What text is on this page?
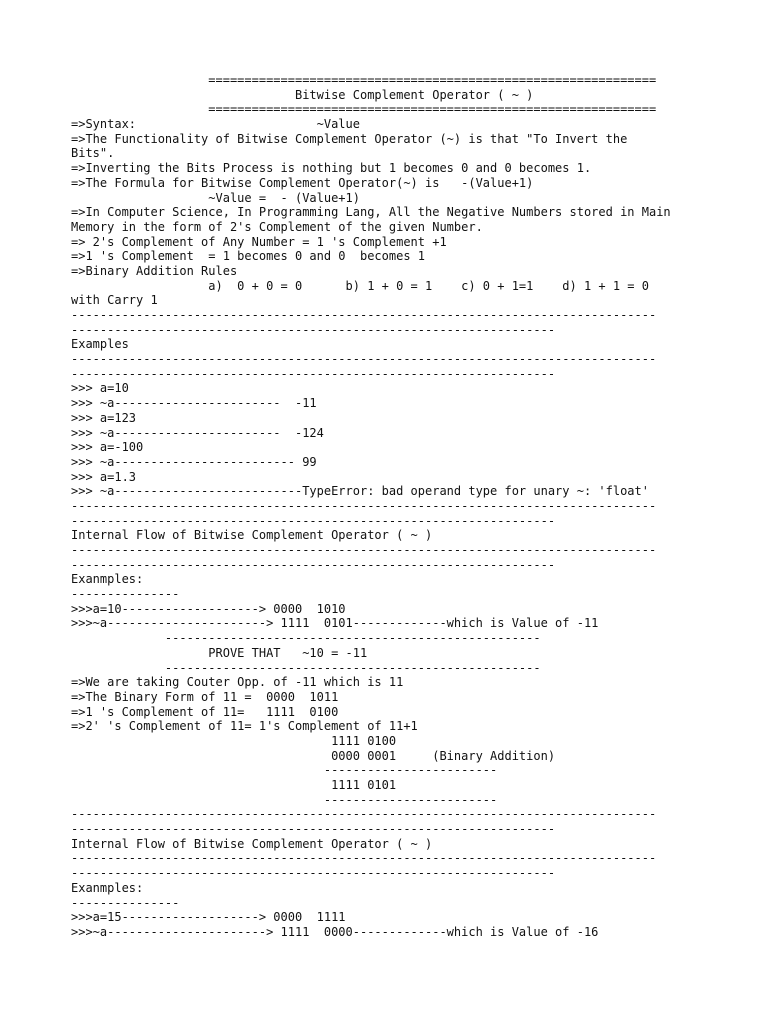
==============================================================
Bitwise Complement Operator ( ~ )
==============================================================
=>Syntax:                         ~Value
=>The Functionality of Bitwise Complement Operator (~) is that "To Invert the
Bits".
=>Inverting the Bits Process is nothing but 1 becomes 0 and 0 becomes 1.
=>The Formula for Bitwise Complement Operator(~) is   -(Value+1)
~Value =  - (Value+1)
=>In Computer Science, In Programming Lang, All the Negative Numbers stored in Main
Memory in the form of 2's Complement of the given Number.
=> 2's Complement of Any Number = 1 's Complement +1
=>1 's Complement  = 1 becomes 0 and 0  becomes 1
=>Binary Addition Rules
a)  0 + 0 = 0      b) 1 + 0 = 1    c) 0 + 1=1    d) 1 + 1 = 0
with Carry 1
---------------------------------------------------------------------------------
-------------------------------------------------------------------
Examples
---------------------------------------------------------------------------------
-------------------------------------------------------------------
>>> a=10
>>> ~a-----------------------  -11
>>> a=123
>>> ~a-----------------------  -124
>>> a=-100
>>> ~a------------------------- 99
>>> a=1.3
>>> ~a--------------------------TypeError: bad operand type for unary ~: 'float'
---------------------------------------------------------------------------------
-------------------------------------------------------------------
Internal Flow of Bitwise Complement Operator ( ~ )
---------------------------------------------------------------------------------
-------------------------------------------------------------------
Exanmples:
---------------
>>>a=10-------------------> 0000  1010
>>>~a----------------------> 1111  0101-------------which is Value of -11
----------------------------------------------------
PROVE THAT   ~10 = -11
----------------------------------------------------
=>We are taking Couter Opp. of -11 which is 11
=>The Binary Form of 11 =  0000  1011
=>1 's Complement of 11=   1111  0100
=>2' 's Complement of 11= 1's Complement of 11+1
1111 0100
0000 0001     (Binary Addition)
------------------------
1111 0101
------------------------
---------------------------------------------------------------------------------
-------------------------------------------------------------------
Internal Flow of Bitwise Complement Operator ( ~ )
---------------------------------------------------------------------------------
-------------------------------------------------------------------
Exanmples:
---------------
>>>a=15-------------------> 0000  1111
>>>~a----------------------> 1111  0000-------------which is Value of -16
